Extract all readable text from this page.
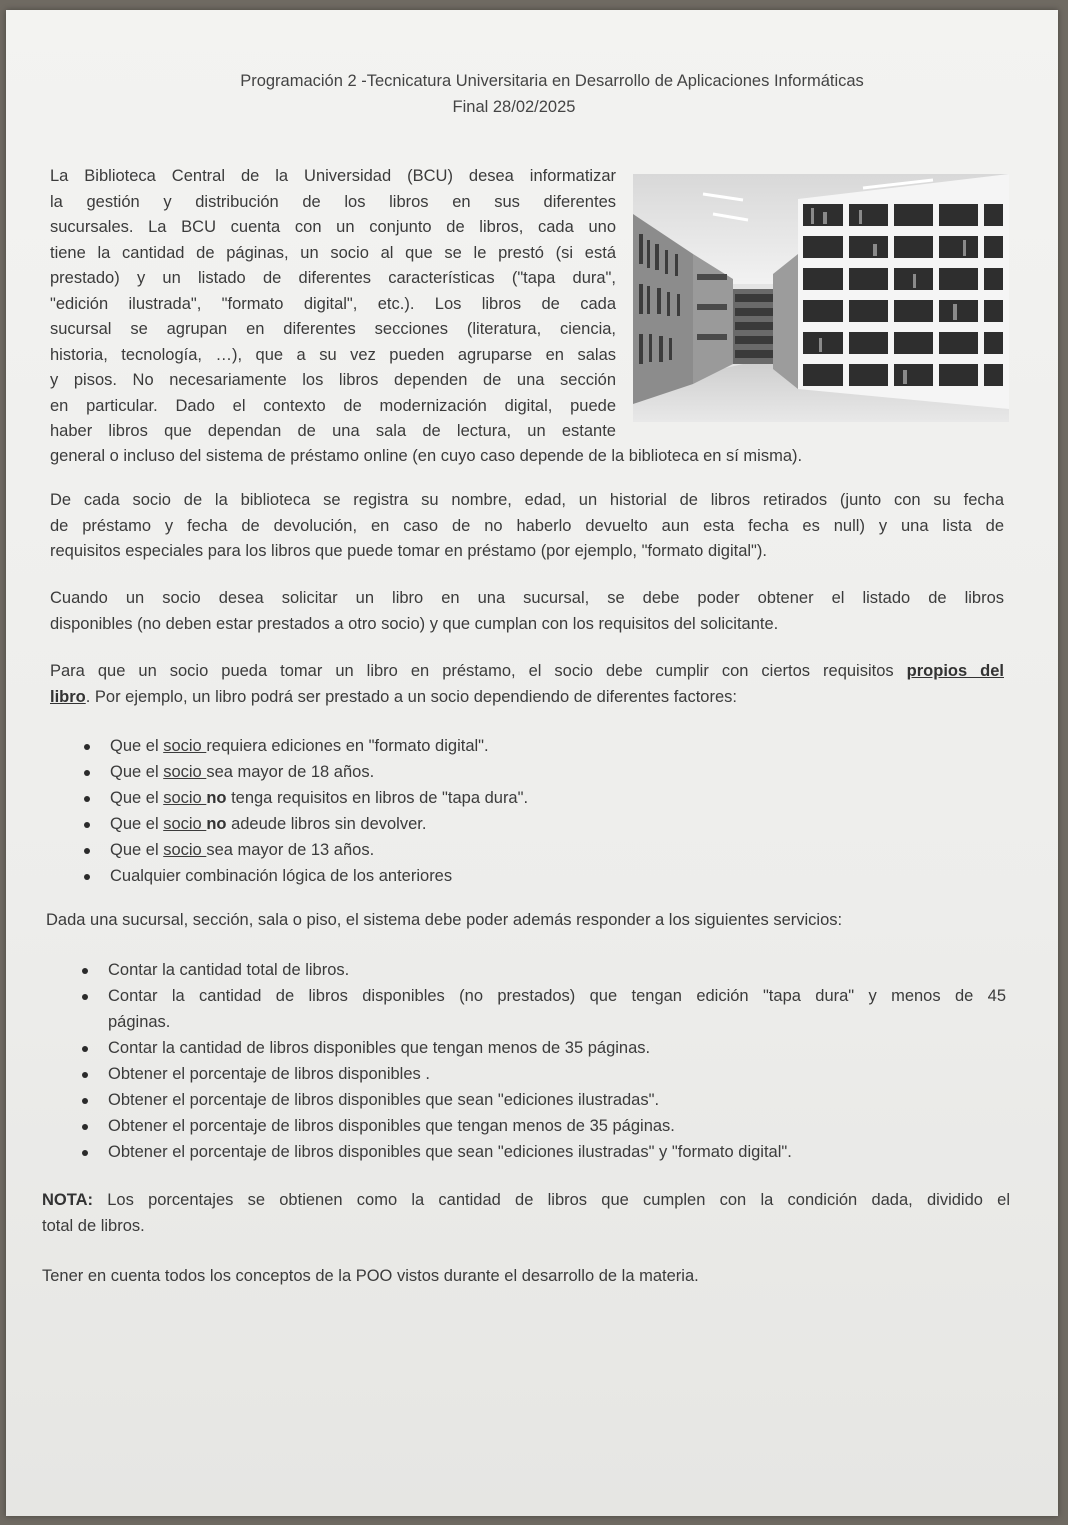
Programación 2 -Tecnicatura Universitaria en Desarrollo de Aplicaciones Informáticas
Final 28/02/2025
La Biblioteca Central de la Universidad (BCU) desea informatizar
la gestión y distribución de los libros en sus diferentes
sucursales. La BCU cuenta con un conjunto de libros, cada uno
tiene la cantidad de páginas, un socio al que se le prestó (si está
prestado) y un listado de diferentes características ("tapa dura",
"edición ilustrada", "formato digital", etc.). Los libros de cada
sucursal se agrupan en diferentes secciones (literatura, ciencia,
historia, tecnología, …), que a su vez pueden agruparse en salas
y pisos. No necesariamente los libros dependen de una sección
en particular. Dado el contexto de modernización digital, puede
haber libros que dependan de una sala de lectura, un estante
general o incluso del sistema de préstamo online (en cuyo caso depende de la biblioteca en sí misma).
De cada socio de la biblioteca se registra su nombre, edad, un historial de libros retirados (junto con su fecha
de préstamo y fecha de devolución, en caso de no haberlo devuelto aun esta fecha es null) y una lista de
requisitos especiales para los libros que puede tomar en préstamo (por ejemplo, "formato digital").
Cuando un socio desea solicitar un libro en una sucursal, se debe poder obtener el listado de libros
disponibles (no deben estar prestados a otro socio) y que cumplan con los requisitos del solicitante.
Para que un socio pueda tomar un libro en préstamo, el socio debe cumplir con ciertos requisitos propios del
libro. Por ejemplo, un libro podrá ser prestado a un socio dependiendo de diferentes factores:
Que el socio requiera ediciones en "formato digital".
Que el socio sea mayor de 18 años.
Que el socio no tenga requisitos en libros de "tapa dura".
Que el socio no adeude libros sin devolver.
Que el socio sea mayor de 13 años.
Cualquier combinación lógica de los anteriores
Dada una sucursal, sección, sala o piso, el sistema debe poder además responder a los siguientes servicios:
Contar la cantidad total de libros.
Contar la cantidad de libros disponibles (no prestados) que tengan edición "tapa dura" y menos de 45
páginas.
Contar la cantidad de libros disponibles que tengan menos de 35 páginas.
Obtener el porcentaje de libros disponibles .
Obtener el porcentaje de libros disponibles que sean "ediciones ilustradas".
Obtener el porcentaje de libros disponibles que tengan menos de 35 páginas.
Obtener el porcentaje de libros disponibles que sean "ediciones ilustradas" y "formato digital".
NOTA: Los porcentajes se obtienen como la cantidad de libros que cumplen con la condición dada, dividido el
total de libros.
Tener en cuenta todos los conceptos de la POO vistos durante el desarrollo de la materia.
